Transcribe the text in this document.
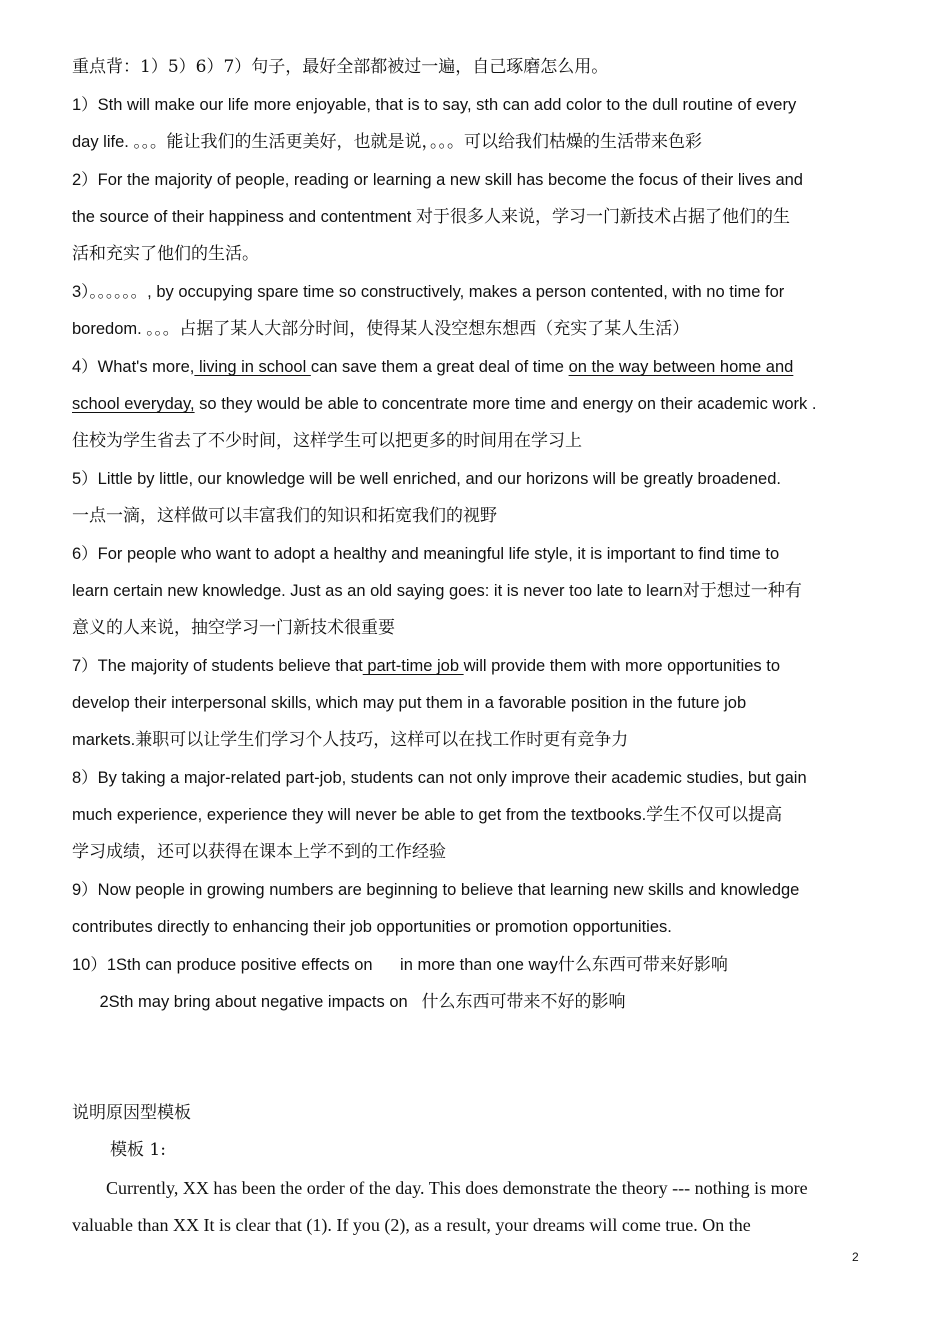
重点背：1）5）6）7）句子，最好全部都被过一遍，自己琢磨怎么用。
1）Sth will make our life more enjoyable, that is to say, sth can add color to the dull routine of every
day life. 。。。能让我们的生活更美好，也就是说，。。。可以给我们枯燥的生活带来色彩
2）For the majority of people, reading or learning a new skill has become the focus of their lives and
the source of their happiness and contentment 对于很多人来说，学习一门新技术占据了他们的生
活和充实了他们的生活。
3）。。。。。。, by occupying spare time so constructively, makes a person contented, with no time for
boredom. 。。。占据了某人大部分时间，使得某人没空想东想西（充实了某人生活）
4）What's more, living in school can save them a great deal of time on the way between home and
school everyday, so they would be able to concentrate more time and energy on their academic work .
住校为学生省去了不少时间，这样学生可以把更多的时间用在学习上
5）Little by little, our knowledge will be well enriched, and our horizons will be greatly broadened.
一点一滴，这样做可以丰富我们的知识和拓宽我们的视野
6）For people who want to adopt a healthy and meaningful life style, it is important to find time to
learn certain new knowledge. Just as an old saying goes: it is never too late to learn对于想过一种有
意义的人来说，抽空学习一门新技术很重要
7）The majority of students believe that part-time job will provide them with more opportunities to
develop their interpersonal skills, which may put them in a favorable position in the future job
markets.兼职可以让学生们学习个人技巧，这样可以在找工作时更有竞争力
8）By taking a major-related part-job, students can not only improve their academic studies, but gain
much experience, experience they will never be able to get from the textbooks.学生不仅可以提高
学习成绩，还可以获得在课本上学不到的工作经验
9）Now people in growing numbers are beginning to believe that learning new skills and knowledge
contributes directly to enhancing their job opportunities or promotion opportunities.
10）1Sth can produce positive effects on      in more than one way什么东西可带来好影响
2Sth may bring about negative impacts on   什么东西可带来不好的影响
说明原因型模板
模板 1:
Currently, XX has been the order of the day. This does demonstrate the theory --- nothing is more
valuable than XX It is clear that (1). If you (2), as a result, your dreams will come true. On the
2
